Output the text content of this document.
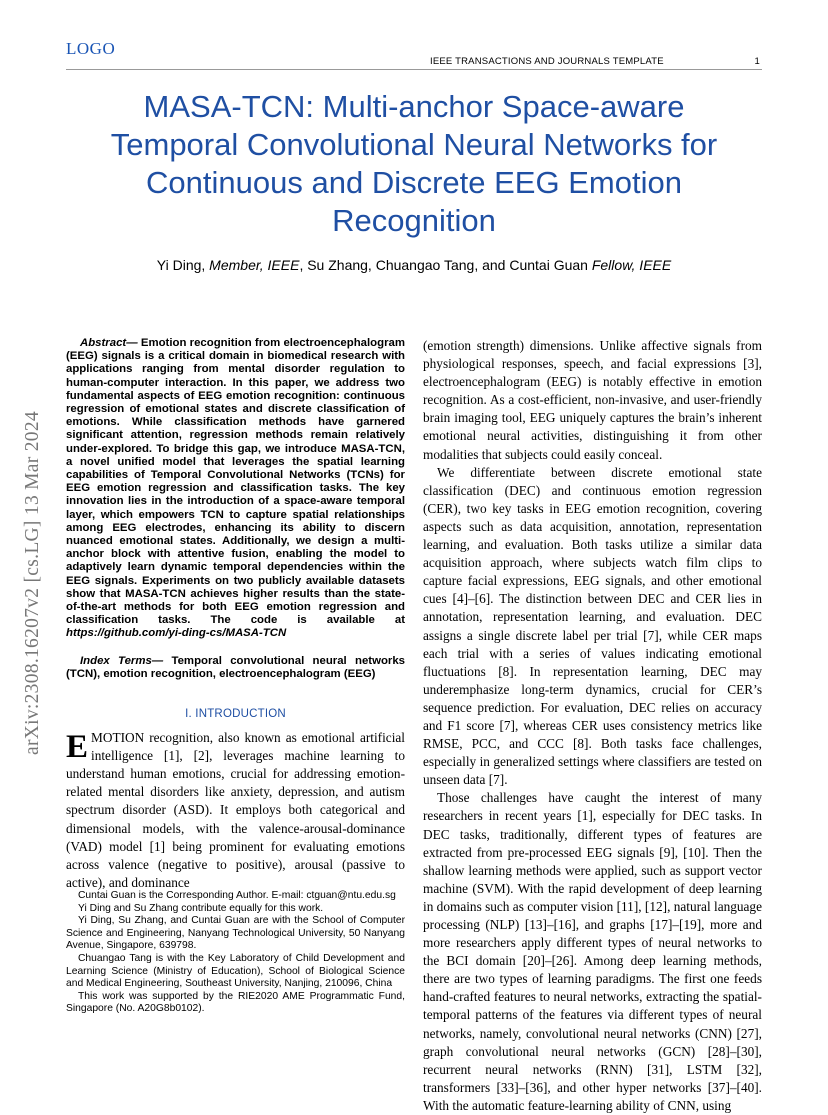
LOGO
IEEE TRANSACTIONS AND JOURNALS TEMPLATE	1
MASA-TCN: Multi-anchor Space-aware Temporal Convolutional Neural Networks for Continuous and Discrete EEG Emotion Recognition
Yi Ding, Member, IEEE, Su Zhang, Chuangao Tang, and Cuntai Guan Fellow, IEEE
arXiv:2308.16207v2 [cs.LG] 13 Mar 2024

Abstract— Emotion recognition from electroencephalogram (EEG) signals is a critical domain in biomedical research with applications ranging from mental disorder regulation to human-computer interaction. In this paper, we address two fundamental aspects of EEG emotion recognition: continuous regression of emotional states and discrete classification of emotions. While classification methods have garnered significant attention, regression methods remain relatively under-explored. To bridge this gap, we introduce MASA-TCN, a novel unified model that leverages the spatial learning capabilities of Temporal Convolutional Networks (TCNs) for EEG emotion regression and classification tasks. The key innovation lies in the introduction of a space-aware temporal layer, which empowers TCN to capture spatial relationships among EEG electrodes, enhancing its ability to discern nuanced emotional states. Additionally, we design a multi-anchor block with attentive fusion, enabling the model to adaptively learn dynamic temporal dependencies within the EEG signals. Experiments on two publicly available datasets show that MASA-TCN achieves higher results than the state-of-the-art methods for both EEG emotion regression and classification tasks. The code is available at https://github.com/yi-ding-cs/MASA-TCN

Index Terms— Temporal convolutional neural networks (TCN), emotion recognition, electroencephalogram (EEG)

I. INTRODUCTION

EMOTION recognition, also known as emotional artificial intelligence [1], [2], leverages machine learning to understand human emotions, crucial for addressing emotion-related mental disorders like anxiety, depression, and autism spectrum disorder (ASD). It employs both categorical and dimensional models, with the valence-arousal-dominance (VAD) model [1] being prominent for evaluating emotions across valence (negative to positive), arousal (passive to active), and dominance

Cuntai Guan is the Corresponding Author. E-mail: ctguan@ntu.edu.sg

Yi Ding and Su Zhang contribute equally for this work.

Yi Ding, Su Zhang, and Cuntai Guan are with the School of Computer Science and Engineering, Nanyang Technological University, 50 Nanyang Avenue, Singapore, 639798.

Chuangao Tang is with the Key Laboratory of Child Development and Learning Science (Ministry of Education), School of Biological Science and Medical Engineering, Southeast University, Nanjing, 210096, China

This work was supported by the RIE2020 AME Programmatic Fund, Singapore (No. A20G8b0102).

(emotion strength) dimensions. Unlike affective signals from physiological responses, speech, and facial expressions [3], electroencephalogram (EEG) is notably effective in emotion recognition. As a cost-efficient, non-invasive, and user-friendly brain imaging tool, EEG uniquely captures the brain’s inherent emotional neural activities, distinguishing it from other modalities that subjects could easily conceal.

We differentiate between discrete emotional state classification (DEC) and continuous emotion regression (CER), two key tasks in EEG emotion recognition, covering aspects such as data acquisition, annotation, representation learning, and evaluation. Both tasks utilize a similar data acquisition approach, where subjects watch film clips to capture facial expressions, EEG signals, and other emotional cues [4]–[6]. The distinction between DEC and CER lies in annotation, representation learning, and evaluation. DEC assigns a single discrete label per trial [7], while CER maps each trial with a series of values indicating emotional fluctuations [8]. In representation learning, DEC may underemphasize long-term dynamics, crucial for CER’s sequence prediction. For evaluation, DEC relies on accuracy and F1 score [7], whereas CER uses consistency metrics like RMSE, PCC, and CCC [8]. Both tasks face challenges, especially in generalized settings where classifiers are tested on unseen data [7].

Those challenges have caught the interest of many researchers in recent years [1], especially for DEC tasks. In DEC tasks, traditionally, different types of features are extracted from pre-processed EEG signals [9], [10]. Then the shallow learning methods were applied, such as support vector machine (SVM). With the rapid development of deep learning in domains such as computer vision [11], [12], natural language processing (NLP) [13]–[16], and graphs [17]–[19], more and more researchers apply different types of neural networks to the BCI domain [20]–[26]. Among deep learning methods, there are two types of learning paradigms. The first one feeds hand-crafted features to neural networks, extracting the spatial-temporal patterns of the features via different types of neural networks, namely, convolutional neural networks (CNN) [27], graph convolutional neural networks (GCN) [28]–[30], recurrent neural networks (RNN) [31], LSTM [32], transformers [33]–[36], and other hyper networks [37]–[40]. With the automatic feature-learning ability of CNN, using
